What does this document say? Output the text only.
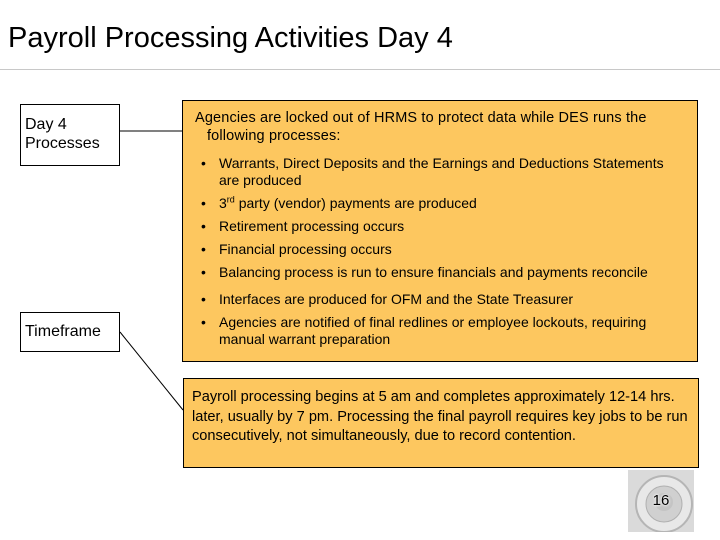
Payroll Processing Activities Day 4
Day 4 Processes
Timeframe
Agencies are locked out of HRMS to protect data while DES runs the following processes:
• Warrants, Direct Deposits and the Earnings and Deductions Statements are produced
• 3rd party (vendor) payments are produced
• Retirement processing occurs
• Financial processing occurs
• Balancing process is run to ensure financials and payments reconcile
• Interfaces are produced for OFM and the State Treasurer
• Agencies are notified of final redlines or employee lockouts, requiring manual warrant preparation
Payroll processing begins at 5 am and completes approximately 12-14 hrs. later, usually by 7 pm. Processing the final payroll requires key jobs to be run consecutively, not simultaneously, due to record contention.
16
